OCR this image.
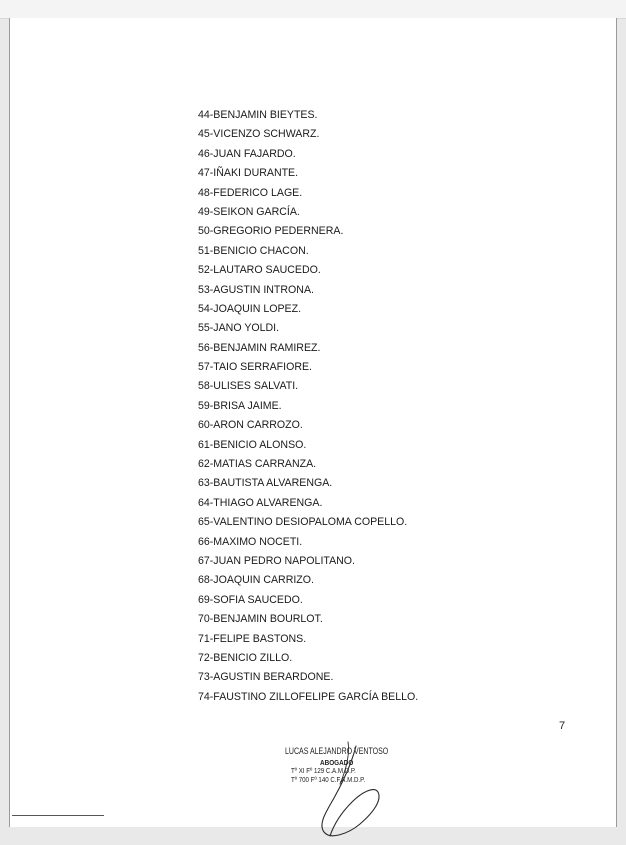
44-BENJAMIN BIEYTES.
45-VICENZO SCHWARZ.
46-JUAN FAJARDO.
47-IÑAKI DURANTE.
48-FEDERICO LAGE.
49-SEIKON GARCÍA.
50-GREGORIO PEDERNERA.
51-BENICIO CHACON.
52-LAUTARO SAUCEDO.
53-AGUSTIN INTRONA.
54-JOAQUIN LOPEZ.
55-JANO YOLDI.
56-BENJAMIN RAMIREZ.
57-TAIO SERRAFIORE.
58-ULISES SALVATI.
59-BRISA JAIME.
60-ARON CARROZO.
61-BENICIO ALONSO.
62-MATIAS CARRANZA.
63-BAUTISTA ALVARENGA.
64-THIAGO ALVARENGA.
65-VALENTINO DESIOPALOMA COPELLO.
66-MAXIMO NOCETI.
67-JUAN PEDRO NAPOLITANO.
68-JOAQUIN CARRIZO.
69-SOFIA SAUCEDO.
70-BENJAMIN BOURLOT.
71-FELIPE BASTONS.
72-BENICIO ZILLO.
73-AGUSTIN BERARDONE.
74-FAUSTINO ZILLOFELIPE GARCÍA BELLO.
7
LUCAS ALEJANDRO VENTOSO
ABOGADO
Tº XI Fº 129 C.A.M.D.P.
Tº 700 Fº 140 C.F.A.M.D.P.
